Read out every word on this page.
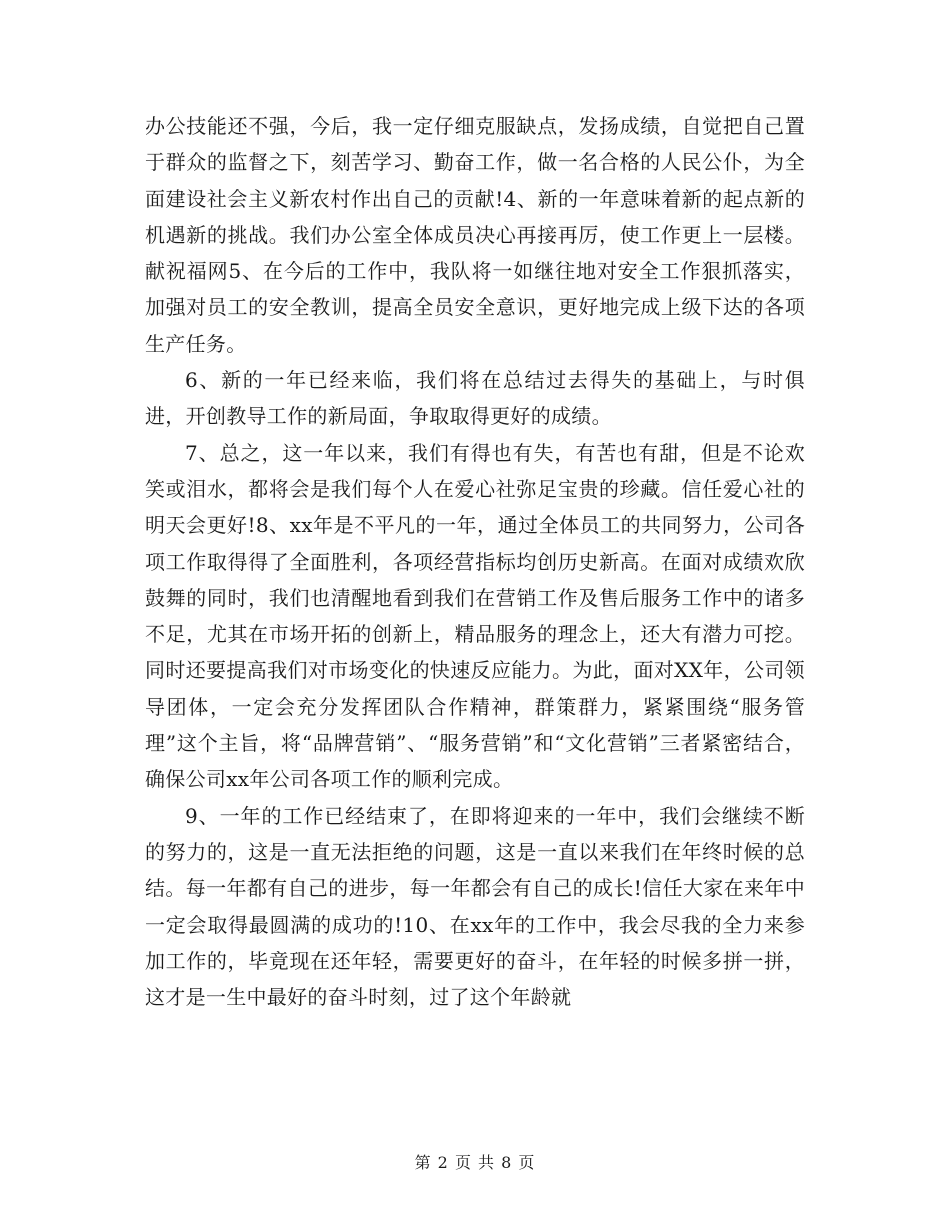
办公技能还不强，今后，我一定仔细克服缺点，发扬成绩，自觉把自己置于群众的监督之下，刻苦学习、勤奋工作，做一名合格的人民公仆，为全面建设社会主义新农村作出自己的贡献!4、新的一年意味着新的起点新的机遇新的挑战。我们办公室全体成员决心再接再厉，使工作更上一层楼。 献祝福网5、在今后的工作中，我队将一如继往地对安全工作狠抓落实，加强对员工的安全教训，提高全员安全意识，更好地完成上级下达的各项生产任务。

6、新的一年已经来临，我们将在总结过去得失的基础上，与时俱进，开创教导工作的新局面，争取取得更好的成绩。

7、总之，这一年以来，我们有得也有失，有苦也有甜，但是不论欢笑或泪水，都将会是我们每个人在爱心社弥足宝贵的珍藏。信任爱心社的明天会更好!8、xx年是不平凡的一年，通过全体员工的共同努力，公司各项工作取得得了全面胜利，各项经营指标均创历史新高。在面对成绩欢欣鼓舞的同时，我们也清醒地看到我们在营销工作及售后服务工作中的诸多不足，尤其在市场开拓的创新上，精品服务的理念上，还大有潜力可挖。同时还要提高我们对市场变化的快速反应能力。为此，面对XX年，公司领导团体，一定会充分发挥团队合作精神，群策群力，紧紧围绕“服务管理”这个主旨，将“品牌营销”、“服务营销”和“文化营销”三者紧密结合，确保公司xx年公司各项工作的顺利完成。

9、一年的工作已经结束了，在即将迎来的一年中，我们会继续不断的努力的，这是一直无法拒绝的问题，这是一直以来我们在年终时候的总结。每一年都有自己的进步，每一年都会有自己的成长!信任大家在来年中一定会取得最圆满的成功的!10、在xx年的工作中，我会尽我的全力来参加工作的，毕竟现在还年轻，需要更好的奋斗，在年轻的时候多拼一拼，这才是一生中最好的奋斗时刻，过了这个年龄就

第 2 页 共 8 页
